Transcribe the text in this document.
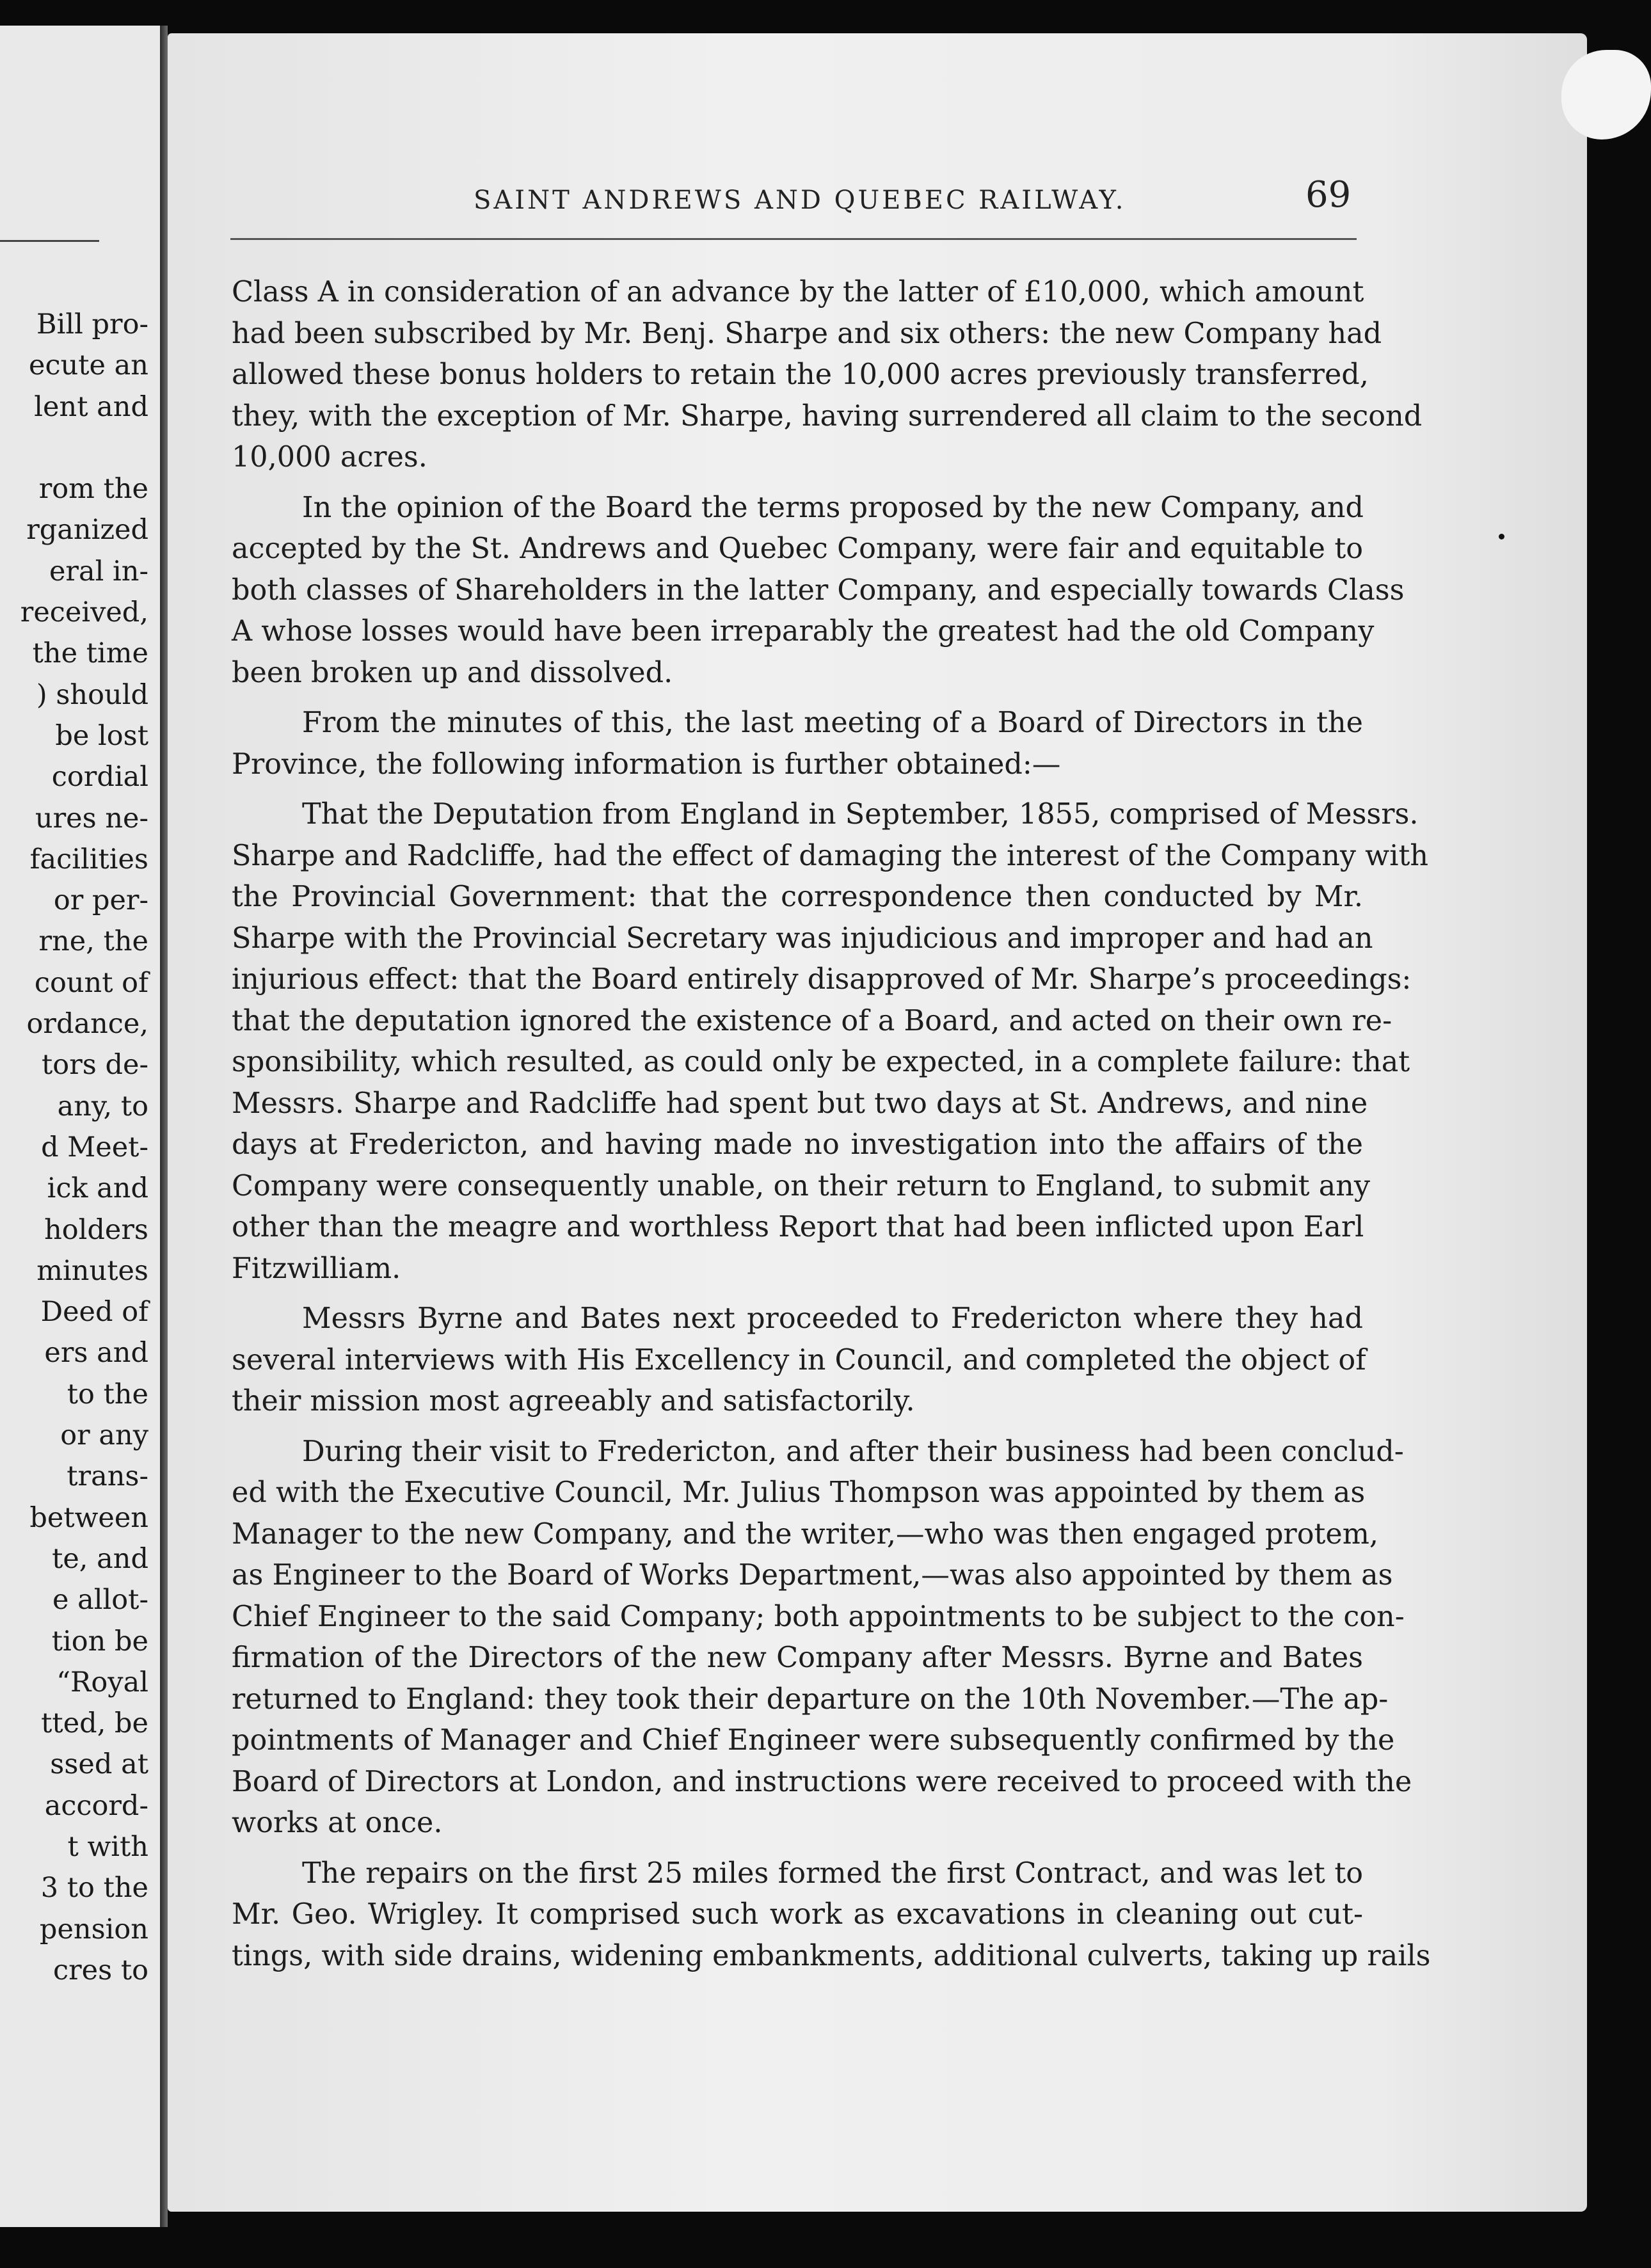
Bill pro-
ecute an
lent and

rom the
rganized
eral in-
received,
the time
) should
be lost
cordial
ures ne-
facilities
or per-
rne, the
count of
ordance,
tors de-
any, to
d Meet-
ick and
holders
minutes
Deed of
ers and
to the
or any
trans-
between
te, and
e allot-
tion be
“Royal
tted, be
ssed at
accord-
t with
3 to the
pension
cres to
SAINT ANDREWS AND QUEBEC RAILWAY.	69
Class A in consideration of an advance by the latter of £10,000, which amount
had been subscribed by Mr. Benj. Sharpe and six others: the new Company had
allowed these bonus holders to retain the 10,000 acres previously transferred,
they, with the exception of Mr. Sharpe, having surrendered all claim to the second
10,000 acres.
In the opinion of the Board the terms proposed by the new Company, and
accepted by the St. Andrews and Quebec Company, were fair and equitable to
both classes of Shareholders in the latter Company, and especially towards Class
A whose losses would have been irreparably the greatest had the old Company
been broken up and dissolved.
From the minutes of this, the last meeting of a Board of Directors in the
Province, the following information is further obtained:—
That the Deputation from England in September, 1855, comprised of Messrs.
Sharpe and Radcliffe, had the effect of damaging the interest of the Company with
the Provincial Government: that the correspondence then conducted by Mr.
Sharpe with the Provincial Secretary was injudicious and improper and had an
injurious effect: that the Board entirely disapproved of Mr. Sharpe’s proceedings:
that the deputation ignored the existence of a Board, and acted on their own re-
sponsibility, which resulted, as could only be expected, in a complete failure: that
Messrs. Sharpe and Radcliffe had spent but two days at St. Andrews, and nine
days at Fredericton, and having made no investigation into the affairs of the
Company were consequently unable, on their return to England, to submit any
other than the meagre and worthless Report that had been inflicted upon Earl
Fitzwilliam.
Messrs Byrne and Bates next proceeded to Fredericton where they had
several interviews with His Excellency in Council, and completed the object of
their mission most agreeably and satisfactorily.
During their visit to Fredericton, and after their business had been conclud-
ed with the Executive Council, Mr. Julius Thompson was appointed by them as
Manager to the new Company, and the writer,—who was then engaged protem,
as Engineer to the Board of Works Department,—was also appointed by them as
Chief Engineer to the said Company; both appointments to be subject to the con-
firmation of the Directors of the new Company after Messrs. Byrne and Bates
returned to England: they took their departure on the 10th November.—The ap-
pointments of Manager and Chief Engineer were subsequently confirmed by the
Board of Directors at London, and instructions were received to proceed with the
works at once.
The repairs on the first 25 miles formed the first Contract, and was let to
Mr. Geo. Wrigley. It comprised such work as excavations in cleaning out cut-
tings, with side drains, widening embankments, additional culverts, taking up rails
